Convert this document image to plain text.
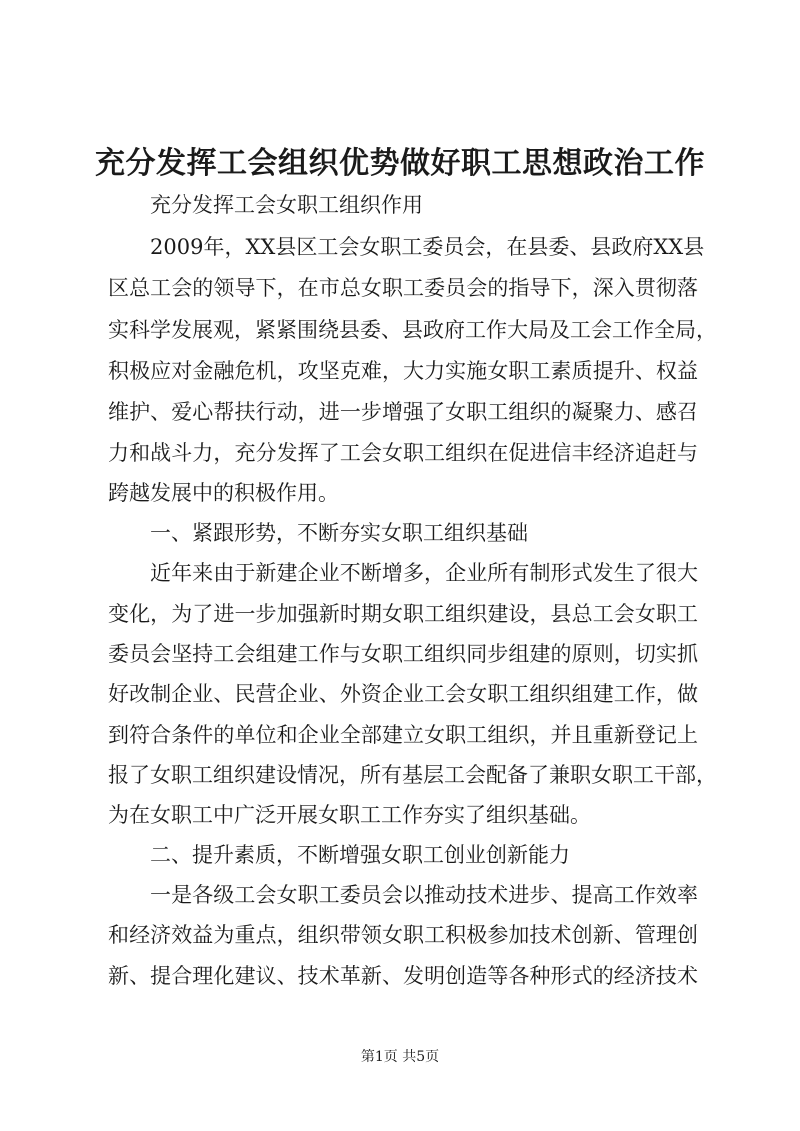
充分发挥工会组织优势做好职工思想政治工作
充分发挥工会女职工组织作用
2009年，XX县区工会女职工委员会，在县委、县政府XX县
区总工会的领导下，在市总女职工委员会的指导下，深入贯彻落
实科学发展观，紧紧围绕县委、县政府工作大局及工会工作全局，
积极应对金融危机，攻坚克难，大力实施女职工素质提升、权益
维护、爱心帮扶行动，进一步增强了女职工组织的凝聚力、感召
力和战斗力，充分发挥了工会女职工组织在促进信丰经济追赶与
跨越发展中的积极作用。
一、紧跟形势，不断夯实女职工组织基础
近年来由于新建企业不断增多，企业所有制形式发生了很大
变化，为了进一步加强新时期女职工组织建设，县总工会女职工
委员会坚持工会组建工作与女职工组织同步组建的原则，切实抓
好改制企业、民营企业、外资企业工会女职工组织组建工作，做
到符合条件的单位和企业全部建立女职工组织，并且重新登记上
报了女职工组织建设情况，所有基层工会配备了兼职女职工干部，
为在女职工中广泛开展女职工工作夯实了组织基础。
二、提升素质，不断增强女职工创业创新能力
一是各级工会女职工委员会以推动技术进步、提高工作效率
和经济效益为重点，组织带领女职工积极参加技术创新、管理创
新、提合理化建议、技术革新、发明创造等各种形式的经济技术
第1页 共5页
